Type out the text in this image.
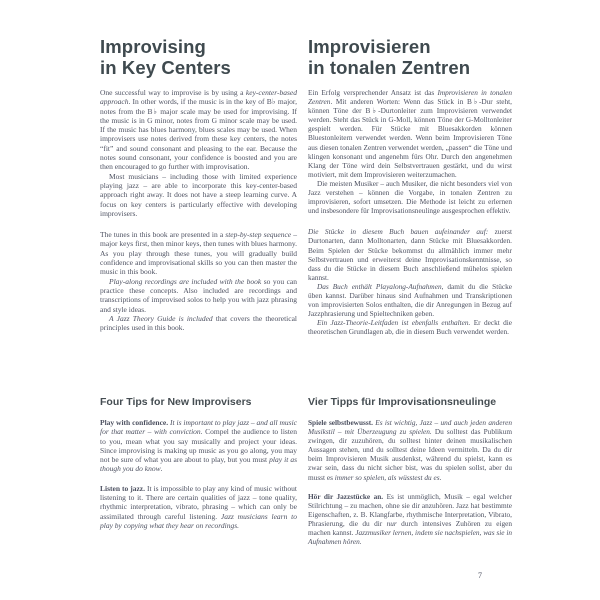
Improvising
in Key Centers

One successful way to improvise is by using a key-center-based approach. In other words, if the music is in the key of B♭ major, notes from the B♭ major scale may be used for improvising. If the music is in G minor, notes from G minor scale may be used. If the music has blues harmony, blues scales may be used. When improvisers use notes derived from these key centers, the notes “fit” and sound consonant and pleasing to the ear. Because the notes sound consonant, your confidence is boosted and you are then encouraged to go further with improvisation.

Most musicians – including those with limited experience playing jazz – are able to incorporate this key-center-based approach right away. It does not have a steep learning curve. A focus on key centers is particularly effective with developing improvisers.

The tunes in this book are presented in a step-by-step sequence – major keys first, then minor keys, then tunes with blues harmony. As you play through these tunes, you will gradually build confidence and improvisational skills so you can then master the music in this book.

Play-along recordings are included with the book so you can practice these concepts. Also included are recordings and transcriptions of improvised solos to help you with jazz phrasing and style ideas.

A Jazz Theory Guide is included that covers the theoretical principles used in this book.

Four Tips for New Improvisers

Play with confidence. It is important to play jazz – and all music for that matter – with conviction. Compel the audience to listen to you, mean what you say musically and project your ideas. Since improvising is making up music as you go along, you may not be sure of what you are about to play, but you must play it as though you do know.

Listen to jazz. It is impossible to play any kind of music without listening to it. There are certain qualities of jazz – tone quality, rhythmic interpretation, vibrato, phrasing – which can only be assimilated through careful listening. Jazz musicians learn to play by copying what they hear on recordings.

Improvisieren
in tonalen Zentren

Ein Erfolg versprechender Ansatz ist das Improvisieren in tonalen Zentren. Mit anderen Worten: Wenn das Stück in B♭-Dur steht, können Töne der B♭-Durtonleiter zum Improvisieren verwendet werden. Steht das Stück in G-Moll, können Töne der G-Molltonleiter gespielt werden. Für Stücke mit Bluesakkorden können Bluestonleitern verwendet werden. Wenn beim Improvisieren Töne aus diesen tonalen Zentren verwendet werden, „passen“ die Töne und klingen konsonant und angenehm fürs Ohr. Durch den angenehmen Klang der Töne wird dein Selbstvertrauen gestärkt, und du wirst motiviert, mit dem Improvisieren weiterzumachen.

Die meisten Musiker – auch Musiker, die nicht besonders viel von Jazz verstehen – können die Vorgabe, in tonalen Zentren zu improvisieren, sofort umsetzen. Die Methode ist leicht zu erlernen und insbesondere für Improvisationsneulinge ausgesprochen effektiv.

Die Stücke in diesem Buch bauen aufeinander auf: zuerst Durtonarten, dann Molltonarten, dann Stücke mit Bluesakkorden. Beim Spielen der Stücke bekommst du allmählich immer mehr Selbstvertrauen und erweiterst deine Improvisationskenntnisse, so dass du die Stücke in diesem Buch anschließend mühelos spielen kannst.

Das Buch enthält Playalong-Aufnahmen, damit du die Stücke üben kannst. Darüber hinaus sind Aufnahmen und Transkriptionen von improvisierten Solos enthalten, die dir Anregungen in Bezug auf Jazzphrasierung und Spieltechniken geben.

Ein Jazz-Theorie-Leitfaden ist ebenfalls enthalten. Er deckt die theoretischen Grundlagen ab, die in diesem Buch verwendet werden.

Vier Tipps für Improvisationsneulinge

Spiele selbstbewusst. Es ist wichtig, Jazz – und auch jeden anderen Musikstil – mit Überzeugung zu spielen. Du solltest das Publikum zwingen, dir zuzuhören, du solltest hinter deinen musikalischen Aussagen stehen, und du solltest deine Ideen vermitteln. Da du dir beim Improvisieren Musik ausdenkst, während du spielst, kann es zwar sein, dass du nicht sicher bist, was du spielen sollst, aber du musst es immer so spielen, als wüsstest du es.

Hör dir Jazzstücke an. Es ist unmöglich, Musik – egal welcher Stilrichtung – zu machen, ohne sie dir anzuhören. Jazz hat bestimmte Eigenschaften, z. B. Klangfarbe, rhythmische Interpretation, Vibrato, Phrasierung, die du dir nur durch intensives Zuhören zu eigen machen kannst. Jazzmusiker lernen, indem sie nachspielen, was sie in Aufnahmen hören.

7
